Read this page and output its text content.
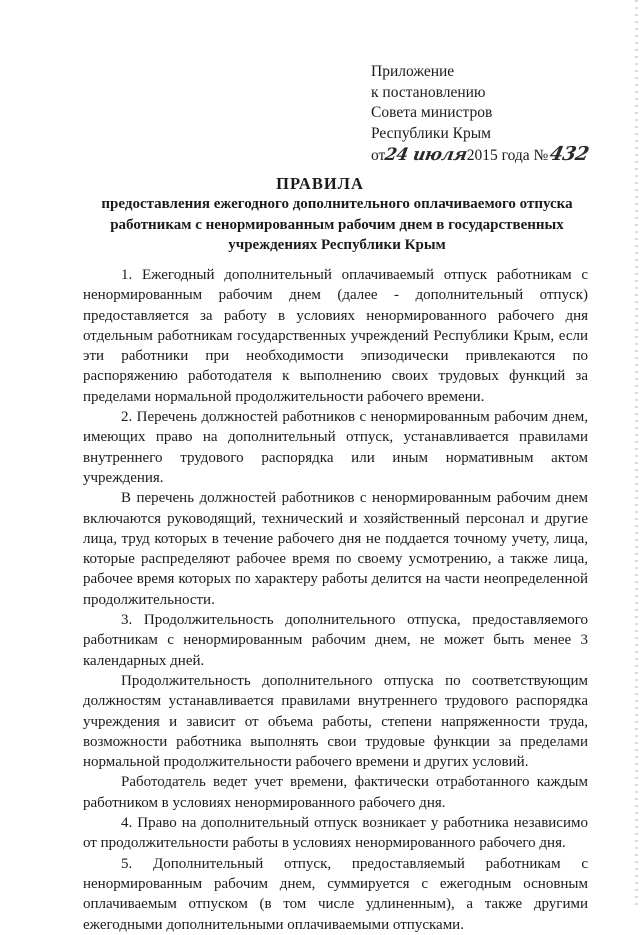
Приложение
к постановлению
Совета министров
Республики Крым
от24 июля2015 года №432
ПРАВИЛА
предоставления ежегодного дополнительного оплачиваемого отпуска работникам с ненормированным рабочим днем в государственных учреждениях Республики Крым

1. Ежегодный дополнительный оплачиваемый отпуск работникам с ненормированным рабочим днем (далее - дополнительный отпуск) предоставляется за работу в условиях ненормированного рабочего дня отдельным работникам государственных учреждений Республики Крым, если эти работники при необходимости эпизодически привлекаются по распоряжению работодателя к выполнению своих трудовых функций за пределами нормальной продолжительности рабочего времени.

2. Перечень должностей работников с ненормированным рабочим днем, имеющих право на дополнительный отпуск, устанавливается правилами внутреннего трудового распорядка или иным нормативным актом учреждения.

В перечень должностей работников с ненормированным рабочим днем включаются руководящий, технический и хозяйственный персонал и другие лица, труд которых в течение рабочего дня не поддается точному учету, лица, которые распределяют рабочее время по своему усмотрению, а также лица, рабочее время которых по характеру работы делится на части неопределенной продолжительности.

3. Продолжительность дополнительного отпуска, предоставляемого работникам с ненормированным рабочим днем, не может быть менее 3 календарных дней.

Продолжительность дополнительного отпуска по соответствующим должностям устанавливается правилами внутреннего трудового распорядка учреждения и зависит от объема работы, степени напряженности труда, возможности работника выполнять свои трудовые функции за пределами нормальной продолжительности рабочего времени и других условий.

Работодатель ведет учет времени, фактически отработанного каждым работником в условиях ненормированного рабочего дня.

4. Право на дополнительный отпуск возникает у работника независимо от продолжительности работы в условиях ненормированного рабочего дня.

5. Дополнительный отпуск, предоставляемый работникам с ненормированным рабочим днем, суммируется с ежегодным основным оплачиваемым отпуском (в том числе удлиненным), а также другими ежегодными дополнительными оплачиваемыми отпусками.
